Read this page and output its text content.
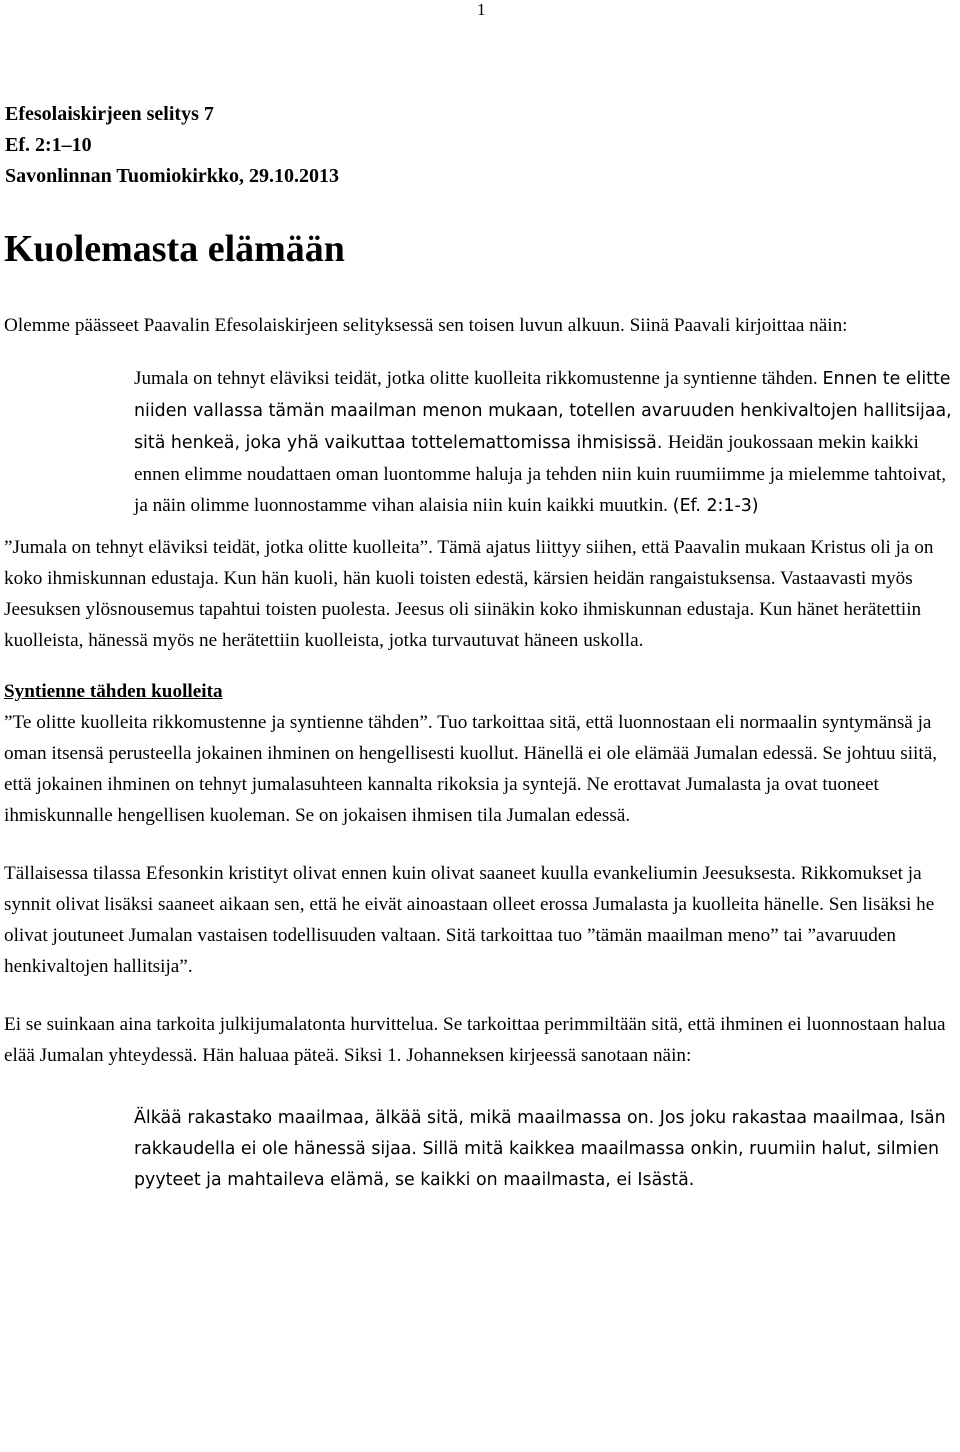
1
Efesolaiskirjeen selitys 7
Ef. 2:1–10
Savonlinnan Tuomiokirkko, 29.10.2013
Kuolemasta elämään

Olemme päässeet Paavalin Efesolaiskirjeen selityksessä sen toisen luvun alkuun. Siinä Paavali kirjoittaa näin:

Jumala on tehnyt eläviksi teidät, jotka olitte kuolleita rikkomustenne ja syntienne tähden. Ennen te elitte niiden vallassa tämän maailman menon mukaan, totellen avaruuden henkivaltojen hallitsijaa, sitä henkeä, joka yhä vaikuttaa tottelemattomissa ihmisissä. Heidän joukossaan mekin kaikki ennen elimme noudattaen oman luontomme haluja ja tehden niin kuin ruumiimme ja mielemme tahtoivat, ja näin olimme luonnostamme vihan alaisia niin kuin kaikki muutkin. (Ef. 2:1-3)

”Jumala on tehnyt eläviksi teidät, jotka olitte kuolleita”. Tämä ajatus liittyy siihen, että Paavalin mukaan Kristus oli ja on koko ihmiskunnan edustaja. Kun hän kuoli, hän kuoli toisten edestä, kärsien heidän rangaistuksensa. Vastaavasti myös Jeesuksen ylösnousemus tapahtui toisten puolesta. Jeesus oli siinäkin koko ihmiskunnan edustaja. Kun hänet herätettiin kuolleista, hänessä myös ne herätettiin kuolleista, jotka turvautuvat häneen uskolla.

Syntienne tähden kuolleita

”Te olitte kuolleita rikkomustenne ja syntienne tähden”. Tuo tarkoittaa sitä, että luonnostaan eli normaalin syntymänsä ja oman itsensä perusteella jokainen ihminen on hengellisesti kuollut. Hänellä ei ole elämää Jumalan edessä. Se johtuu siitä, että jokainen ihminen on tehnyt jumalasuhteen kannalta rikoksia ja syntejä. Ne erottavat Jumalasta ja ovat tuoneet ihmiskunnalle hengellisen kuoleman. Se on jokaisen ihmisen tila Jumalan edessä.

Tällaisessa tilassa Efesonkin kristityt olivat ennen kuin olivat saaneet kuulla evankeliumin Jeesuksesta. Rikkomukset ja synnit olivat lisäksi saaneet aikaan sen, että he eivät ainoastaan olleet erossa Jumalasta ja kuolleita hänelle. Sen lisäksi he olivat joutuneet Jumalan vastaisen todellisuuden valtaan. Sitä tarkoittaa tuo ”tämän maailman meno” tai ”avaruuden henkivaltojen hallitsija”.

Ei se suinkaan aina tarkoita julkijumalatonta hurvittelua. Se tarkoittaa perimmiltään sitä, että ihminen ei luonnostaan halua elää Jumalan yhteydessä. Hän haluaa päteä. Siksi 1. Johanneksen kirjeessä sanotaan näin:

Älkää rakastako maailmaa, älkää sitä, mikä maailmassa on. Jos joku rakastaa maailmaa, Isän rakkaudella ei ole hänessä sijaa. Sillä mitä kaikkea maailmassa onkin, ruumiin halut, silmien pyyteet ja mahtaileva elämä, se kaikki on maailmasta, ei Isästä.
